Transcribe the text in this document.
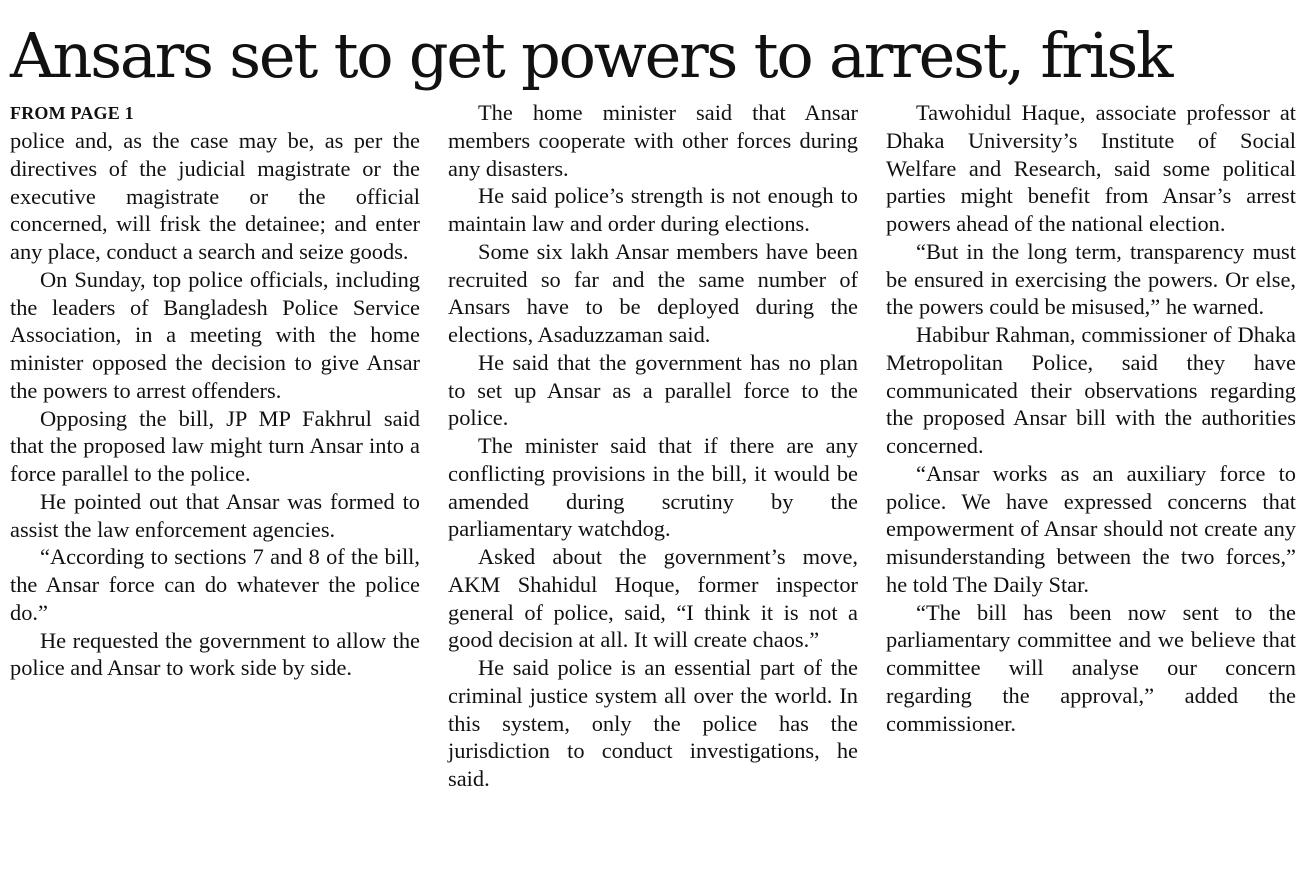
Ansars set to get powers to arrest, frisk
FROM PAGE 1

police and, as the case may be, as per the directives of the judicial magistrate or the executive magistrate or the official concerned, will frisk the detainee; and enter any place, conduct a search and seize goods.

On Sunday, top police officials, including the leaders of Bangladesh Police Service Association, in a meeting with the home minister opposed the decision to give Ansar the powers to arrest offenders.

Opposing the bill, JP MP Fakhrul said that the proposed law might turn Ansar into a force parallel to the police.

He pointed out that Ansar was formed to assist the law enforcement agencies.

“According to sections 7 and 8 of the bill, the Ansar force can do whatever the police do.”

He requested the government to allow the police and Ansar to work side by side.

The home minister said that Ansar members cooperate with other forces during any disasters.

He said police’s strength is not enough to maintain law and order during elections.

Some six lakh Ansar members have been recruited so far and the same number of Ansars have to be deployed during the elections, Asaduzzaman said.

He said that the government has no plan to set up Ansar as a parallel force to the police.

The minister said that if there are any conflicting provisions in the bill, it would be amended during scrutiny by the parliamentary watchdog.

Asked about the government’s move, AKM Shahidul Hoque, former inspector general of police, said, “I think it is not a good decision at all. It will create chaos.”

He said police is an essential part of the criminal justice system all over the world. In this system, only the police has the jurisdiction to conduct investigations, he said.

Tawohidul Haque, associate professor at Dhaka University’s Institute of Social Welfare and Research, said some political parties might benefit from Ansar’s arrest powers ahead of the national election.

“But in the long term, transparency must be ensured in exercising the powers. Or else, the powers could be misused,” he warned.

Habibur Rahman, commissioner of Dhaka Metropolitan Police, said they have communicated their observations regarding the proposed Ansar bill with the authorities concerned.

“Ansar works as an auxiliary force to police. We have expressed concerns that empowerment of Ansar should not create any misunderstanding between the two forces,” he told The Daily Star.

“The bill has been now sent to the parliamentary committee and we believe that committee will analyse our concern regarding the approval,” added the commissioner.
